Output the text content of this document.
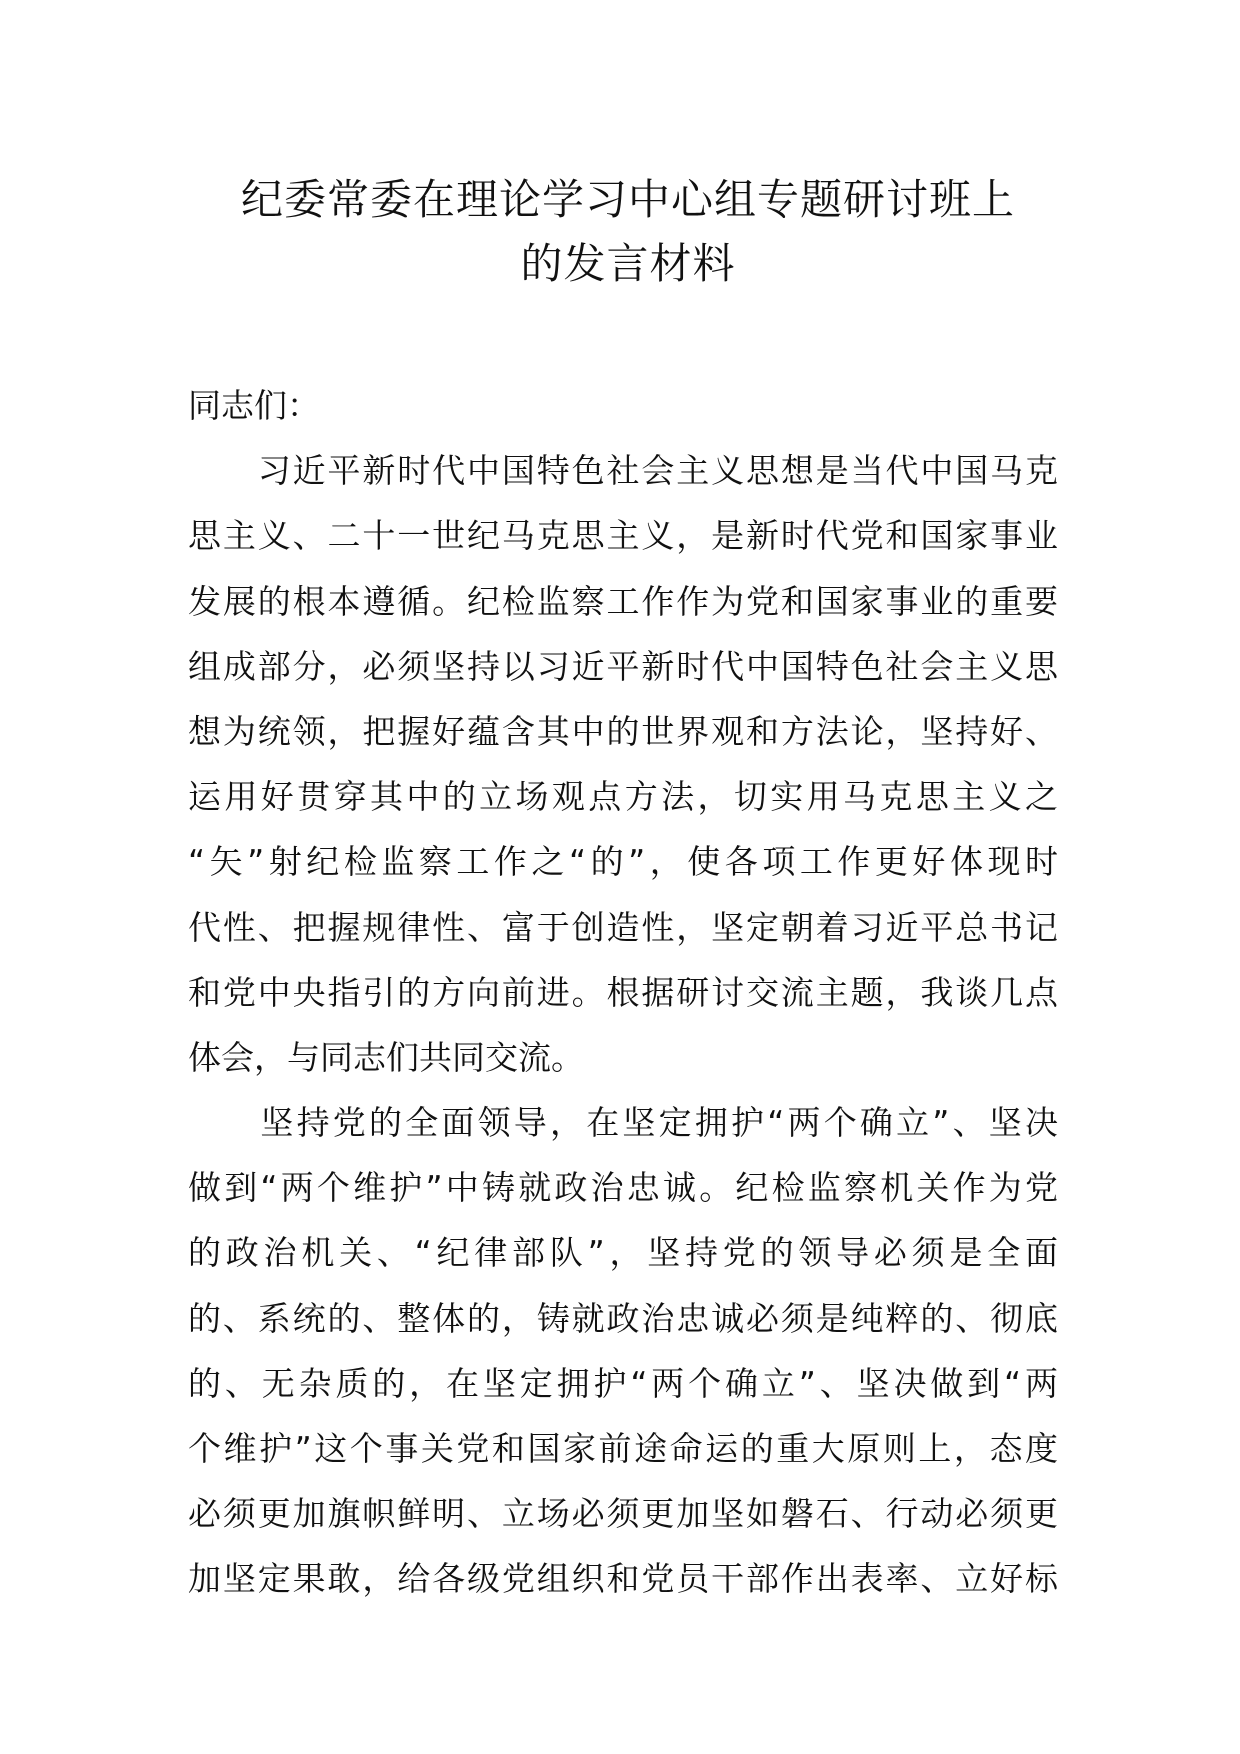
纪委常委在理论学习中心组专题研讨班上
的发言材料
同志们：
　　习近平新时代中国特色社会主义思想是当代中国马克
思主义、二十一世纪马克思主义，是新时代党和国家事业
发展的根本遵循。纪检监察工作作为党和国家事业的重要
组成部分，必须坚持以习近平新时代中国特色社会主义思
想为统领，把握好蕴含其中的世界观和方法论，坚持好、
运用好贯穿其中的立场观点方法，切实用马克思主义之
“矢”射纪检监察工作之“的”，使各项工作更好体现时
代性、把握规律性、富于创造性，坚定朝着习近平总书记
和党中央指引的方向前进。根据研讨交流主题，我谈几点
体会，与同志们共同交流。
　　坚持党的全面领导，在坚定拥护“两个确立”、坚决
做到“两个维护”中铸就政治忠诚。纪检监察机关作为党
的政治机关、“纪律部队”，坚持党的领导必须是全面
的、系统的、整体的，铸就政治忠诚必须是纯粹的、彻底
的、无杂质的，在坚定拥护“两个确立”、坚决做到“两
个维护”这个事关党和国家前途命运的重大原则上，态度
必须更加旗帜鲜明、立场必须更加坚如磐石、行动必须更
加坚定果敢，给各级党组织和党员干部作出表率、立好标
